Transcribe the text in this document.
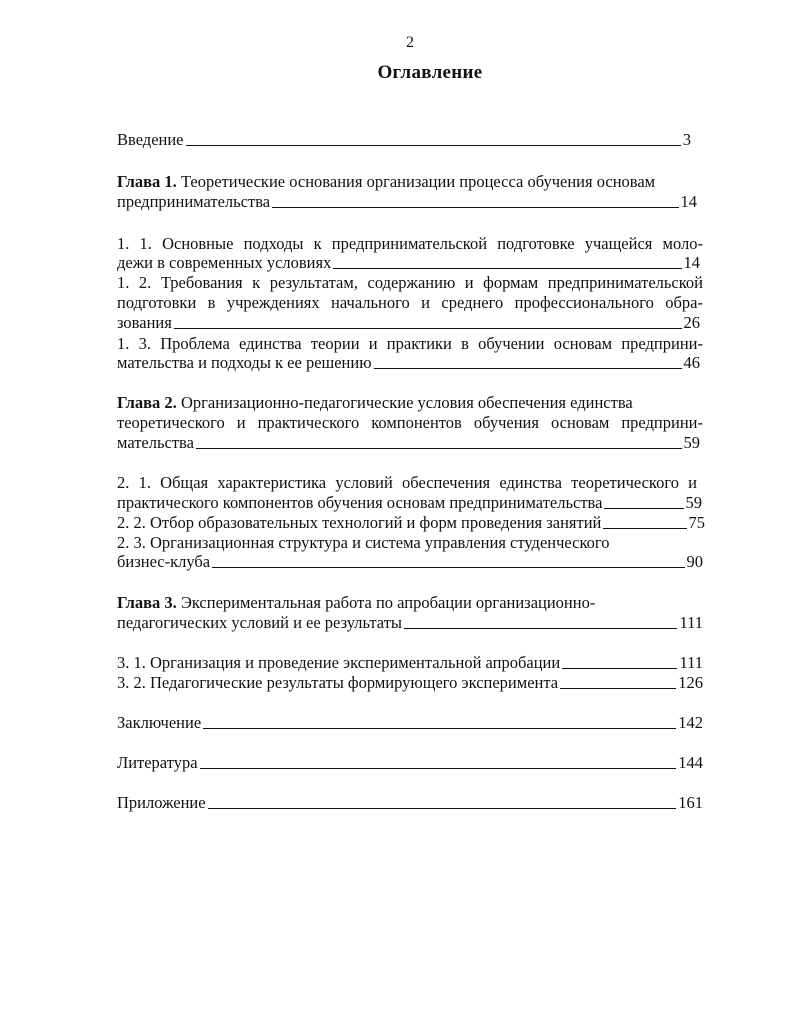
2
Оглавление
Введение	3
Глава 1. Теоретические основания организации процесса обучения основам
предпринимательства	14
1. 1. Основные подходы к предпринимательской подготовке учащейся моло-
дежи в современных условиях	14
1. 2. Требования к результатам, содержанию и формам предпринимательской
подготовки в учреждениях начального и среднего профессионального обра-
зования	26
1. 3. Проблема единства теории и практики в обучении основам предприни-
мательства и подходы к ее решению	46
Глава 2. Организационно-педагогические условия обеспечения единства
теоретического и практического компонентов обучения основам предприни-
мательства	59
2. 1. Общая характеристика условий обеспечения единства теоретического и
практического компонентов обучения основам предпринимательства	59
2. 2. Отбор образовательных технологий и форм проведения занятий	75
2. 3. Организационная структура и система управления студенческого
бизнес-клуба	90
Глава 3. Экспериментальная работа по апробации организационно-
педагогических условий и ее результаты	111
3. 1. Организация и проведение экспериментальной апробации	111
3. 2. Педагогические результаты формирующего эксперимента	126
Заключение	142
Литература	144
Приложение	161
